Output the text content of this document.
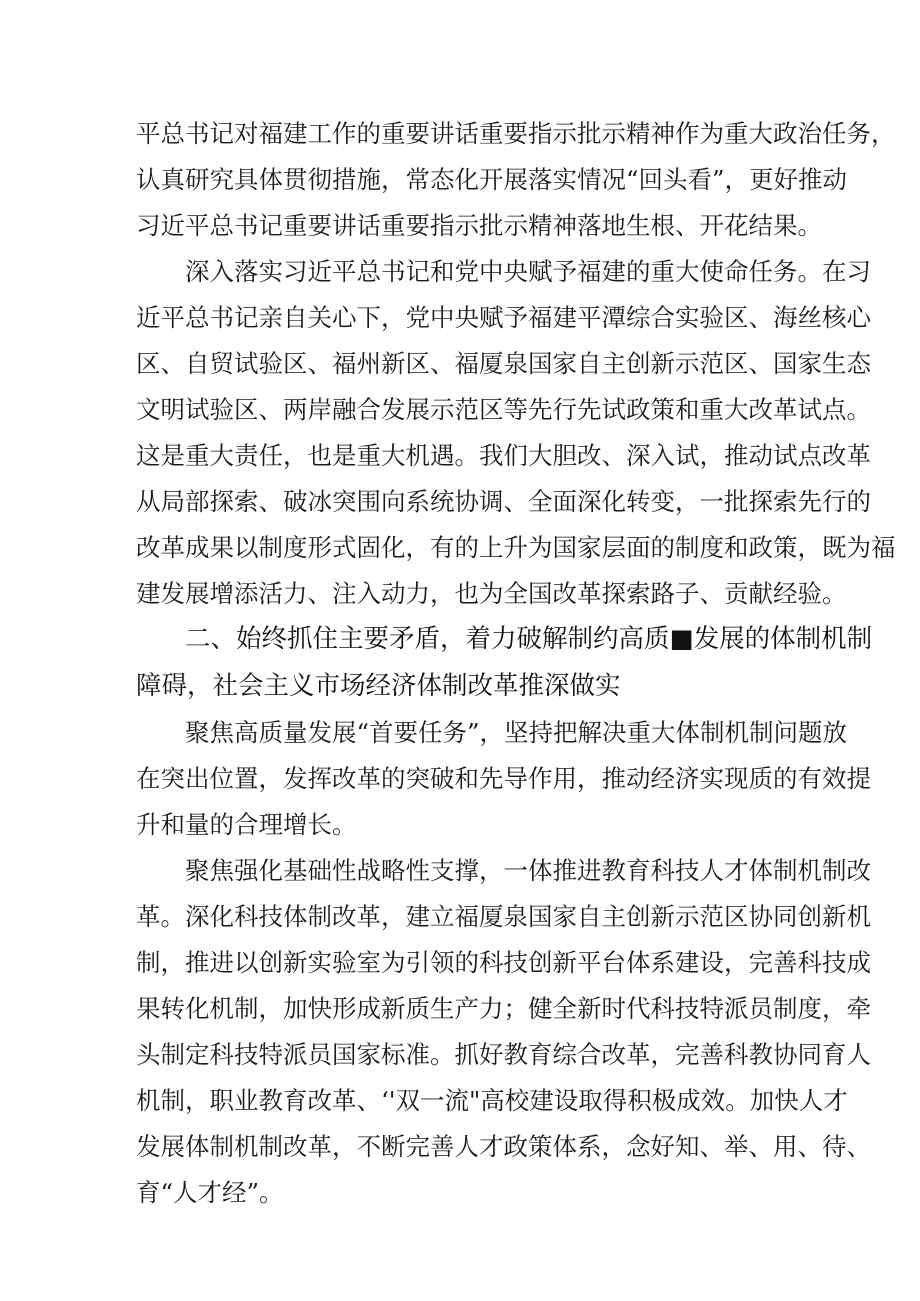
平总书记对福建工作的重要讲话重要指示批示精神作为重大政治任务，
认真研究具体贯彻措施，常态化开展落实情况“回头看”，更好推动
习近平总书记重要讲话重要指示批示精神落地生根、开花结果。
深入落实习近平总书记和党中央赋予福建的重大使命任务。在习
近平总书记亲自关心下，党中央赋予福建平潭综合实验区、海丝核心
区、自贸试验区、福州新区、福厦泉国家自主创新示范区、国家生态
文明试验区、两岸融合发展示范区等先行先试政策和重大改革试点。
这是重大责任，也是重大机遇。我们大胆改、深入试，推动试点改革
从局部探索、破冰突围向系统协调、全面深化转变，一批探索先行的
改革成果以制度形式固化，有的上升为国家层面的制度和政策，既为福
建发展增添活力、注入动力，也为全国改革探索路子、贡献经验。
二、始终抓住主要矛盾，着力破解制约高质■发展的体制机制
障碍，社会主义市场经济体制改革推深做实
聚焦高质量发展“首要任务”，坚持把解决重大体制机制问题放
在突出位置，发挥改革的突破和先导作用，推动经济实现质的有效提
升和量的合理增长。
聚焦强化基础性战略性支撑，一体推进教育科技人才体制机制改
革。深化科技体制改革，建立福厦泉国家自主创新示范区协同创新机
制，推进以创新实验室为引领的科技创新平台体系建设，完善科技成
果转化机制，加快形成新质生产力；健全新时代科技特派员制度，牵
头制定科技特派员国家标准。抓好教育综合改革，完善科教协同育人
机制，职业教育改革、‘'双一流"高校建设取得积极成效。加快人才
发展体制机制改革，不断完善人才政策体系，念好知、举、用、待、
育“人才经”。
